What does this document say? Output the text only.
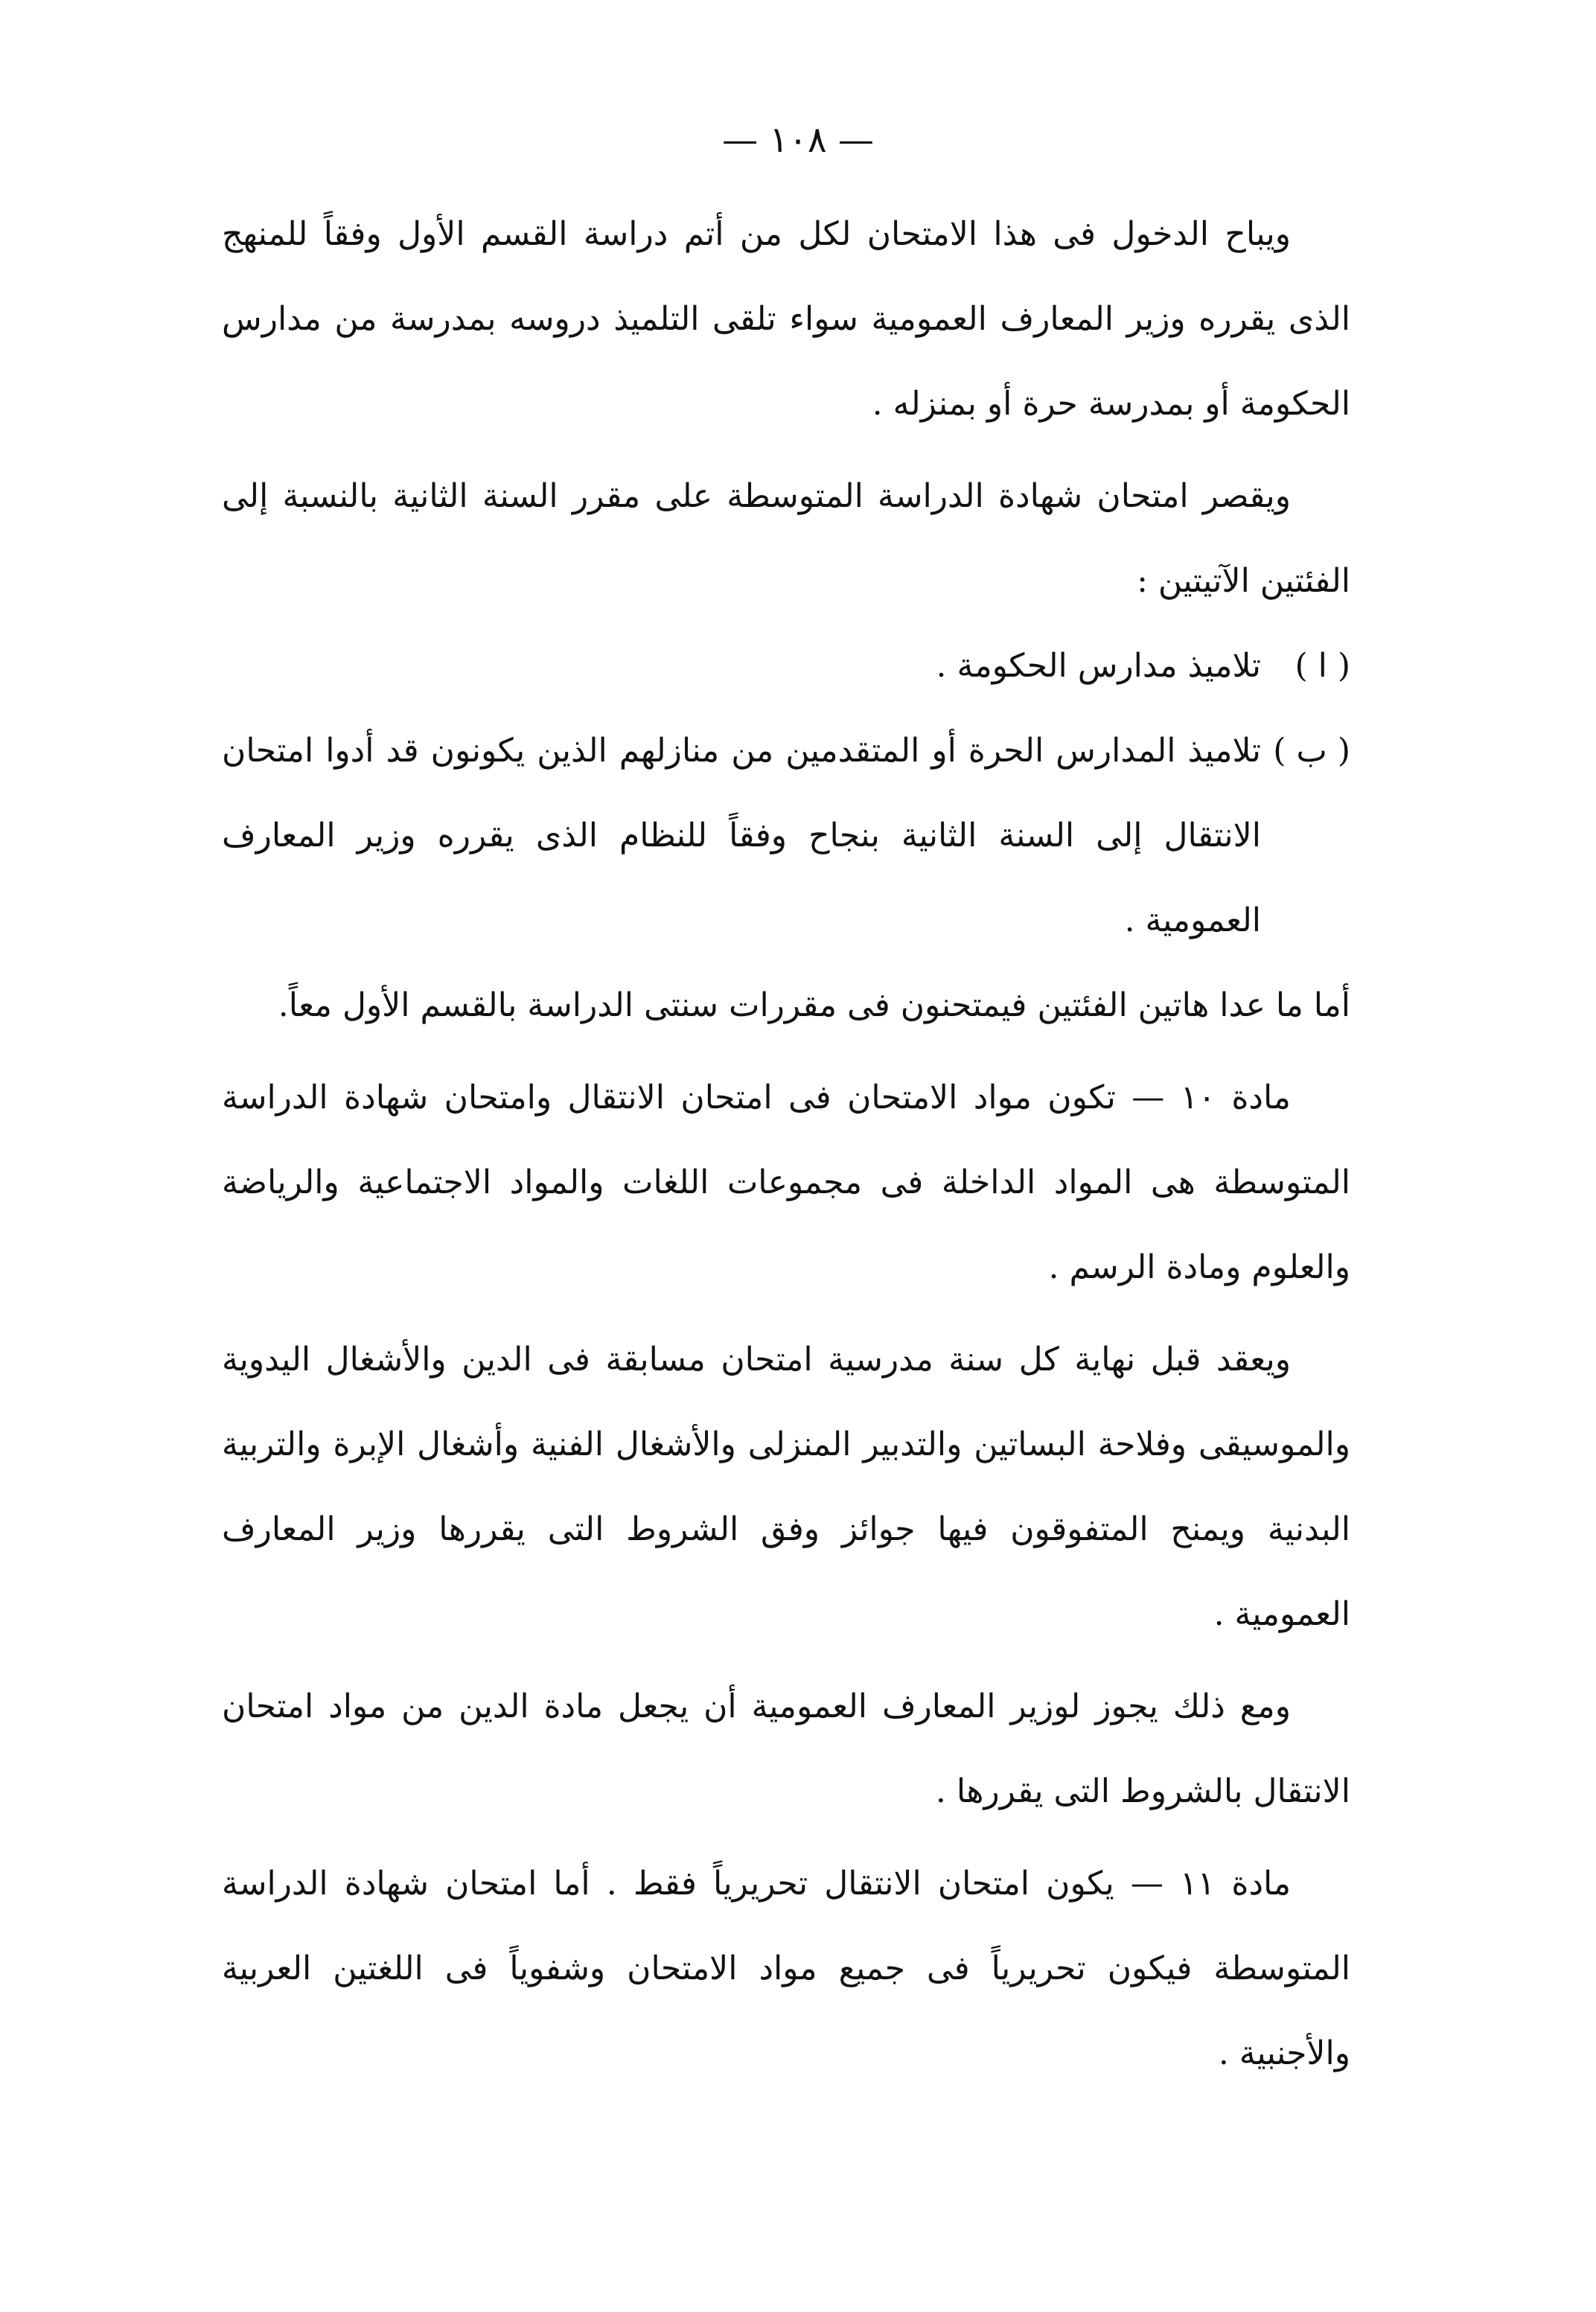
— ١٠٨ —

ويباح الدخول فى هذا الامتحان لكل من أتم دراسة القسم الأول وفقاً للمنهج الذى يقرره وزير المعارف العمومية سواء تلقى التلميذ دروسه بمدرسة من مدارس الحكومة أو بمدرسة حرة أو بمنزله .

ويقصر امتحان شهادة الدراسة المتوسطة على مقرر السنة الثانية بالنسبة إلى الفئتين الآتيتين :

( ا )تلاميذ مدارس الحكومة .

( ب )تلاميذ المدارس الحرة أو المتقدمين من منازلهم الذين يكونون قد أدوا امتحان الانتقال إلى السنة الثانية بنجاح وفقاً للنظام الذى يقرره وزير المعارف العمومية .

أما ما عدا هاتين الفئتين فيمتحنون فى مقررات سنتى الدراسة بالقسم الأول معاً.

مادة ١٠ — تكون مواد الامتحان فى امتحان الانتقال وامتحان شهادة الدراسة المتوسطة هى المواد الداخلة فى مجموعات اللغات والمواد الاجتماعية والرياضة والعلوم ومادة الرسم .

ويعقد قبل نهاية كل سنة مدرسية امتحان مسابقة فى الدين والأشغال اليدوية والموسيقى وفلاحة البساتين والتدبير المنزلى والأشغال الفنية وأشغال الإبرة والتربية البدنية ويمنح المتفوقون فيها جوائز وفق الشروط التى يقررها وزير المعارف العمومية .

ومع ذلك يجوز لوزير المعارف العمومية أن يجعل مادة الدين من مواد امتحان الانتقال بالشروط التى يقررها .

مادة ١١ — يكون امتحان الانتقال تحريرياً فقط . أما امتحان شهادة الدراسة المتوسطة فيكون تحريرياً فى جميع مواد الامتحان وشفوياً فى اللغتين العربية والأجنبية .
